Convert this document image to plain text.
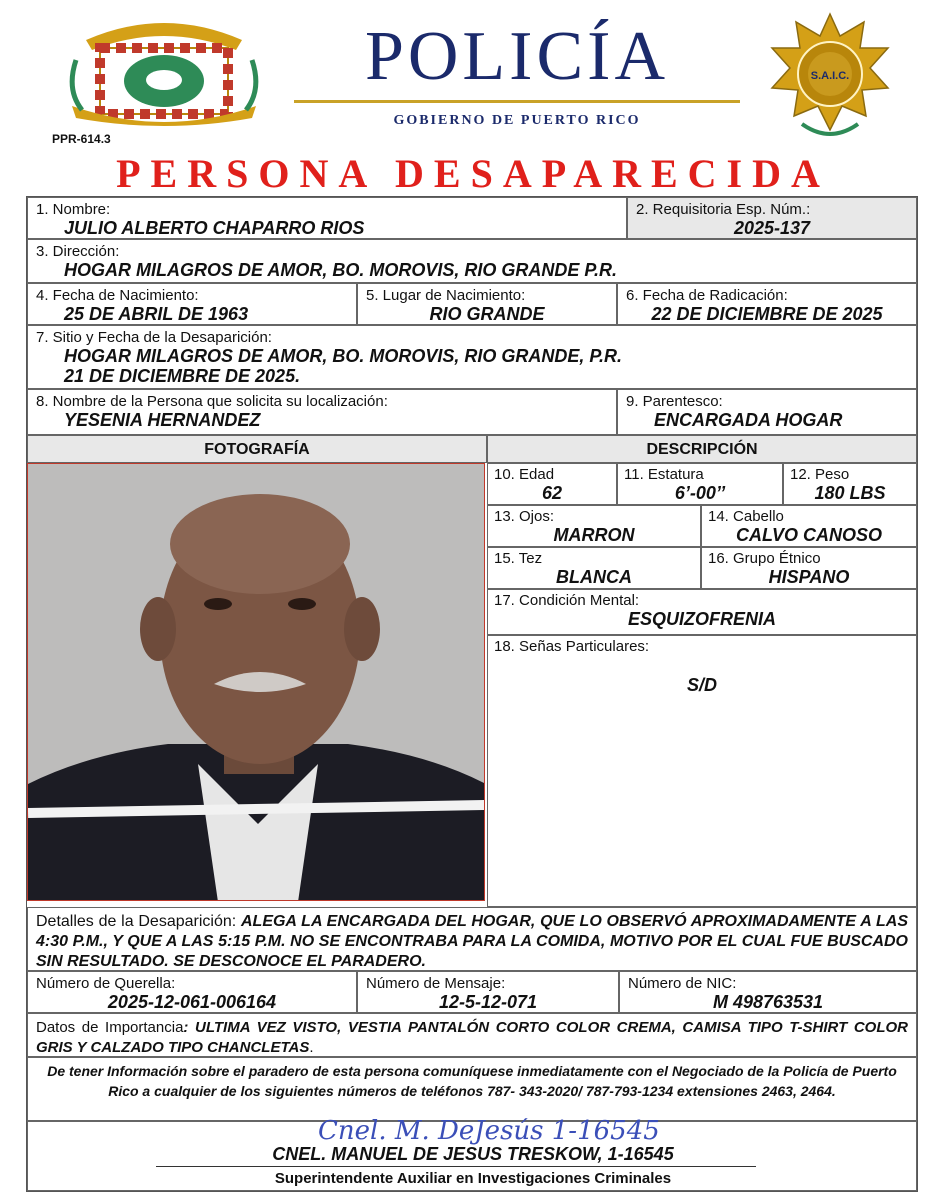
PPR-614.3
POLICÍA
GOBIERNO DE PUERTO RICO
S.A.I.C.
PERSONA DESAPARECIDA
1. Nombre:
JULIO ALBERTO CHAPARRO RIOS
2. Requisitoria Esp. Núm.:
2025-137
3. Dirección:
HOGAR MILAGROS DE AMOR, BO. MOROVIS, RIO GRANDE P.R.
4. Fecha de Nacimiento:
25 DE ABRIL DE 1963
5. Lugar de Nacimiento:
RIO GRANDE
6. Fecha de Radicación:
22 DE DICIEMBRE DE 2025
7. Sitio y Fecha de la Desaparición:
HOGAR MILAGROS DE AMOR, BO. MOROVIS, RIO GRANDE, P.R.
21 DE DICIEMBRE DE 2025.
8. Nombre de la Persona que solicita su localización:
YESENIA HERNANDEZ
9. Parentesco:
ENCARGADA HOGAR
FOTOGRAFÍA	DESCRIPCIÓN
10. Edad
62
11. Estatura
6’-00’’
12. Peso
180 LBS
13. Ojos:
MARRON
14. Cabello
CALVO CANOSO
15. Tez
BLANCA
16. Grupo Étnico
HISPANO
17. Condición Mental:
ESQUIZOFRENIA
18. Señas Particulares:
S/D
Detalles de la Desaparición: ALEGA LA ENCARGADA DEL HOGAR, QUE LO OBSERVÓ APROXIMADAMENTE A LAS 4:30 P.M., Y QUE A LAS 5:15 P.M. NO SE ENCONTRABA PARA LA COMIDA, MOTIVO POR EL CUAL FUE BUSCADO SIN RESULTADO. SE DESCONOCE EL PARADERO.
Número de Querella:
2025-12-061-006164
Número de Mensaje:
12-5-12-071
Número de NIC:
M 498763531
Datos de Importancia: ULTIMA VEZ VISTO, VESTIA PANTALÓN CORTO COLOR CREMA, CAMISA TIPO T-SHIRT COLOR GRIS Y CALZADO TIPO CHANCLETAS.
De tener Información sobre el paradero de esta persona comuníquese inmediatamente con el Negociado de la Policía de Puerto Rico a cualquier de los siguientes números de teléfonos 787- 343-2020/ 787-793-1234 extensiones 2463, 2464.
Cnel. M. DeJesús 1-16545
CNEL. MANUEL DE JESUS TRESKOW, 1-16545
Superintendente Auxiliar en Investigaciones Criminales
